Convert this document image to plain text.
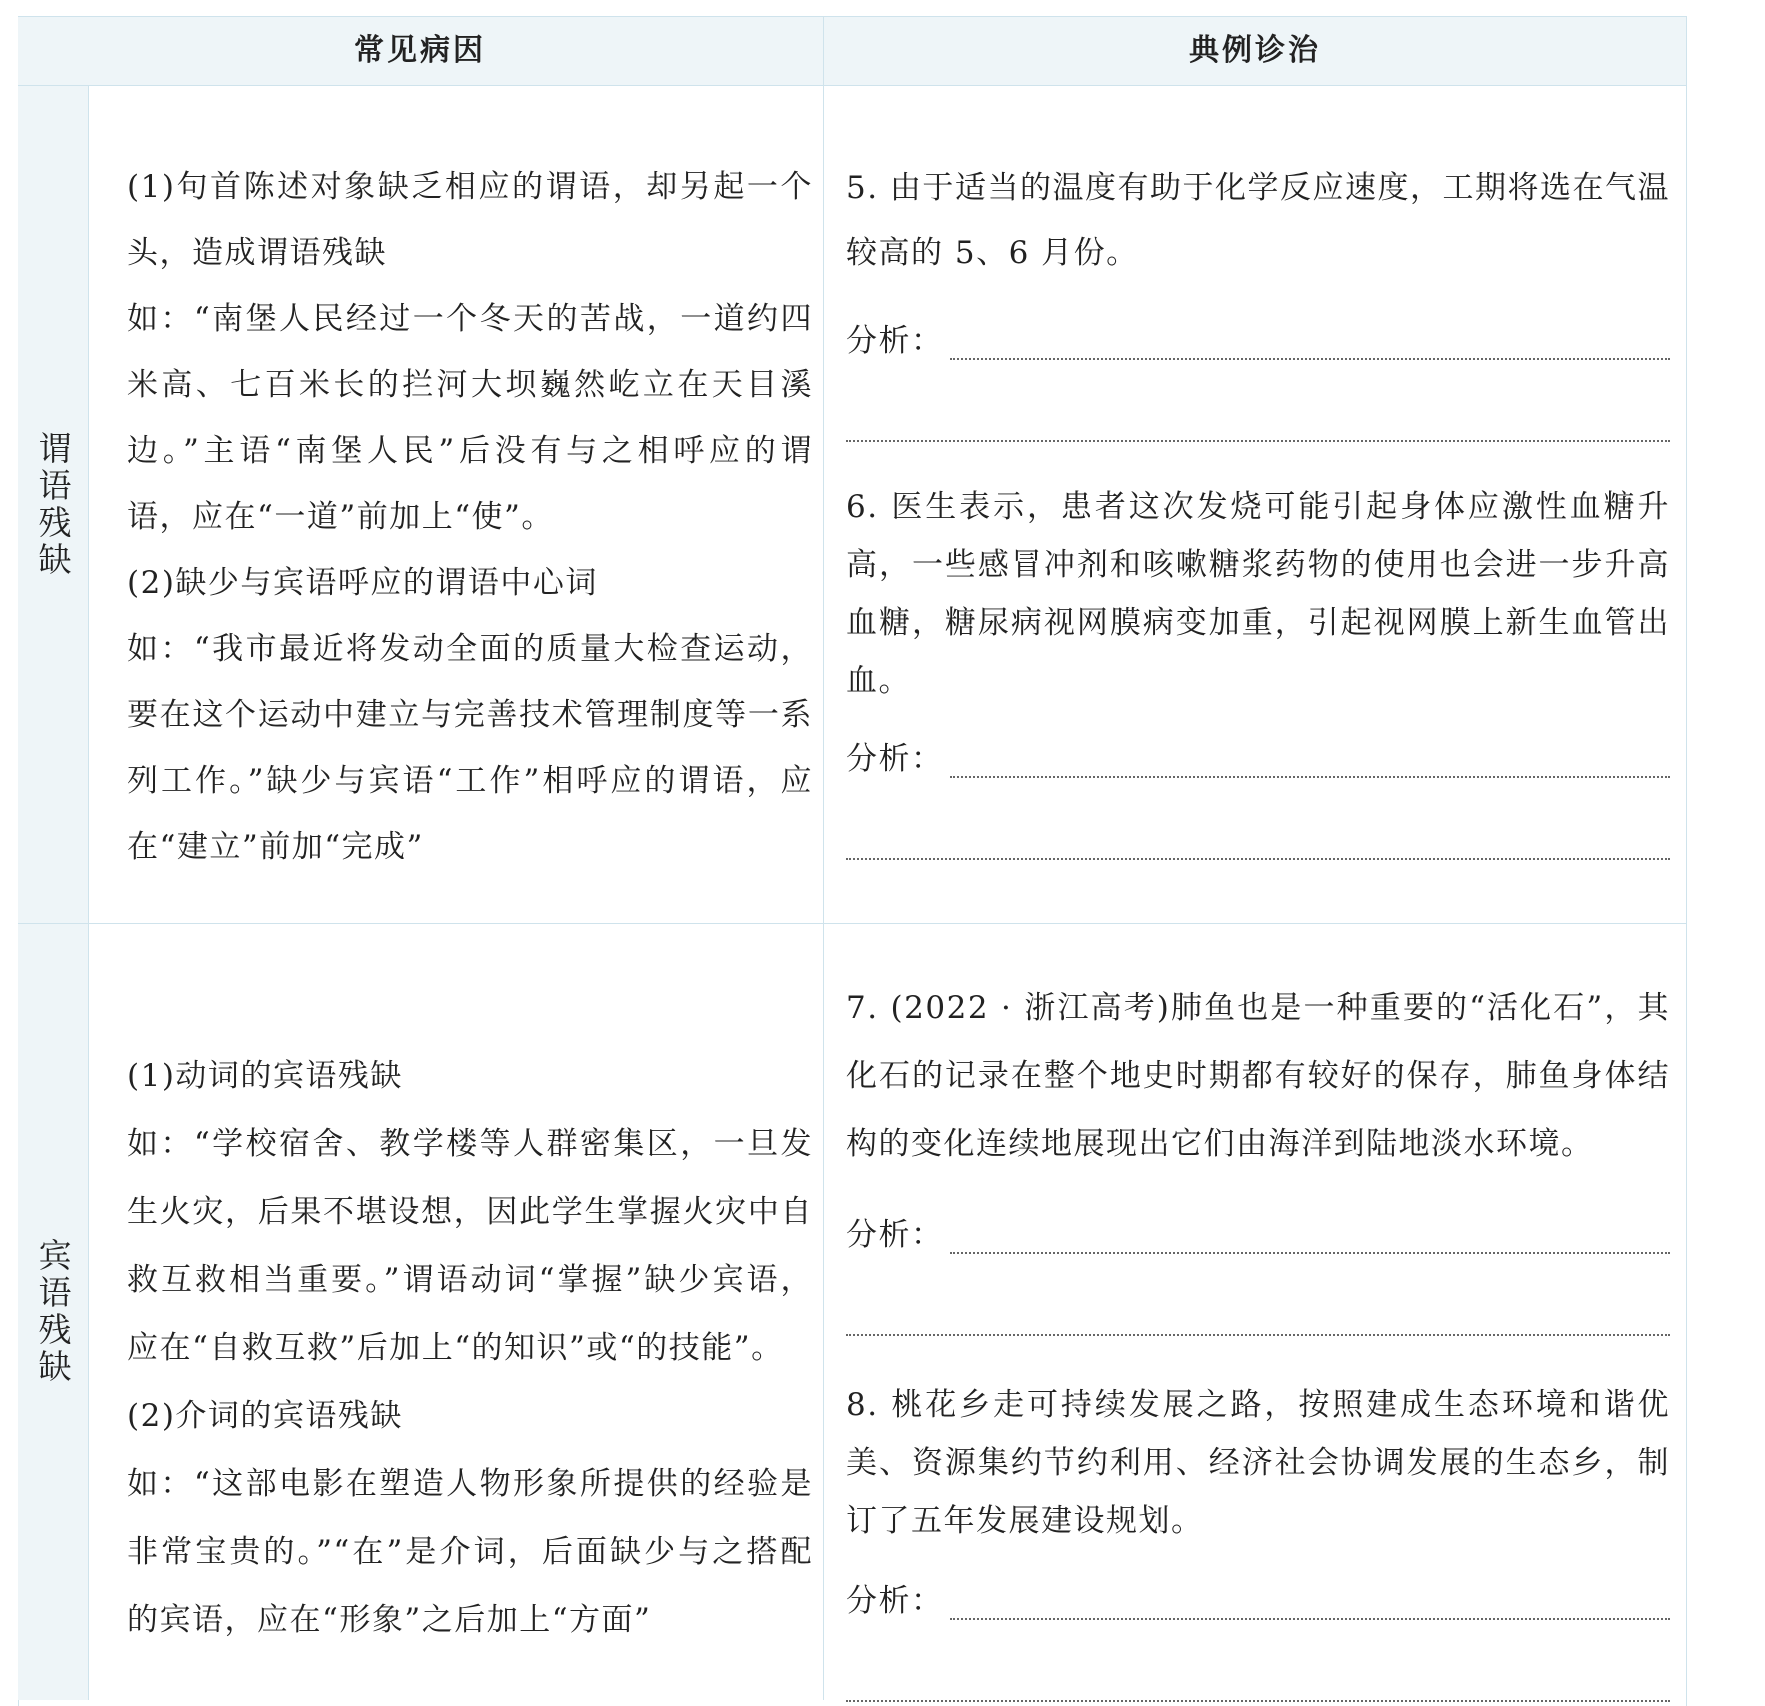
常见病因	典例诊治
谓语残缺

(1)句首陈述对象缺乏相应的谓语，却另起一个头，造成谓语残缺

如：“南堡人民经过一个冬天的苦战，一道约四米高、七百米长的拦河大坝巍然屹立在天目溪边。”主语“南堡人民”后没有与之相呼应的谓语，应在“一道”前加上“使”。

(2)缺少与宾语呼应的谓语中心词

如：“我市最近将发动全面的质量大检查运动，要在这个运动中建立与完善技术管理制度等一系列工作。”缺少与宾语“工作”相呼应的谓语，应在“建立”前加“完成”

5. 由于适当的温度有助于化学反应速度，工期将选在气温较高的 5、6 月份。

分析：

6. 医生表示，患者这次发烧可能引起身体应激性血糖升高，一些感冒冲剂和咳嗽糖浆药物的使用也会进一步升高血糖，糖尿病视网膜病变加重，引起视网膜上新生血管出血。

分析：
宾语残缺

(1)动词的宾语残缺

如：“学校宿舍、教学楼等人群密集区，一旦发生火灾，后果不堪设想，因此学生掌握火灾中自救互救相当重要。”谓语动词“掌握”缺少宾语，应在“自救互救”后加上“的知识”或“的技能”。

(2)介词的宾语残缺

如：“这部电影在塑造人物形象所提供的经验是非常宝贵的。”“在”是介词，后面缺少与之搭配的宾语，应在“形象”之后加上“方面”

7. (2022 · 浙江高考)肺鱼也是一种重要的“活化石”，其化石的记录在整个地史时期都有较好的保存，肺鱼身体结构的变化连续地展现出它们由海洋到陆地淡水环境。

分析：

8. 桃花乡走可持续发展之路，按照建成生态环境和谐优美、资源集约节约利用、经济社会协调发展的生态乡，制订了五年发展建设规划。

分析：
